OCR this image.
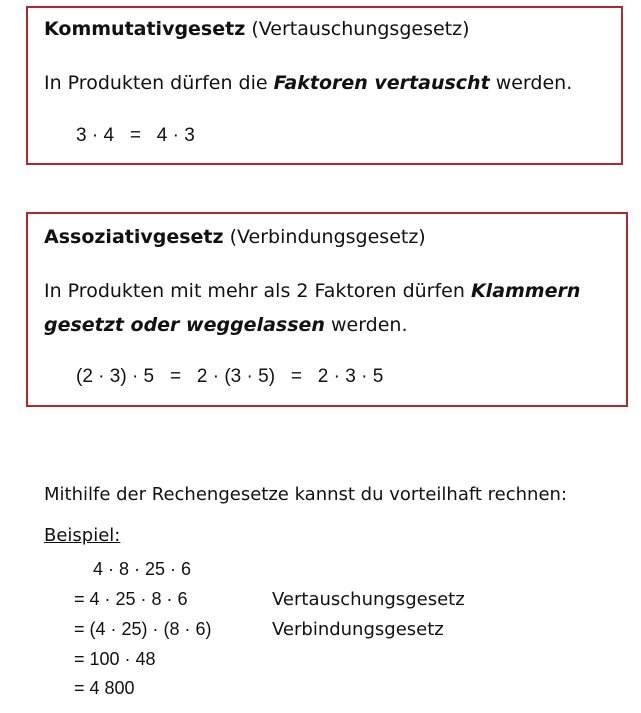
Kommutativgesetz (Vertauschungsgesetz)
In Produkten dürfen die Faktoren vertauscht werden.
3 · 4   =   4 · 3
Assoziativgesetz (Verbindungsgesetz)
In Produkten mit mehr als 2 Faktoren dürfen Klammern
gesetzt oder weggelassen werden.
(2 · 3) · 5   =   2 · (3 · 5)   =   2 · 3 · 5
Mithilfe der Rechengesetze kannst du vorteilhaft rechnen:
Beispiel:
4 · 8 · 25 · 6
= 4 · 25 · 8 · 6	Vertauschungsgesetz
= (4 · 25) · (8 · 6)	Verbindungsgesetz
= 100 · 48
= 4 800
